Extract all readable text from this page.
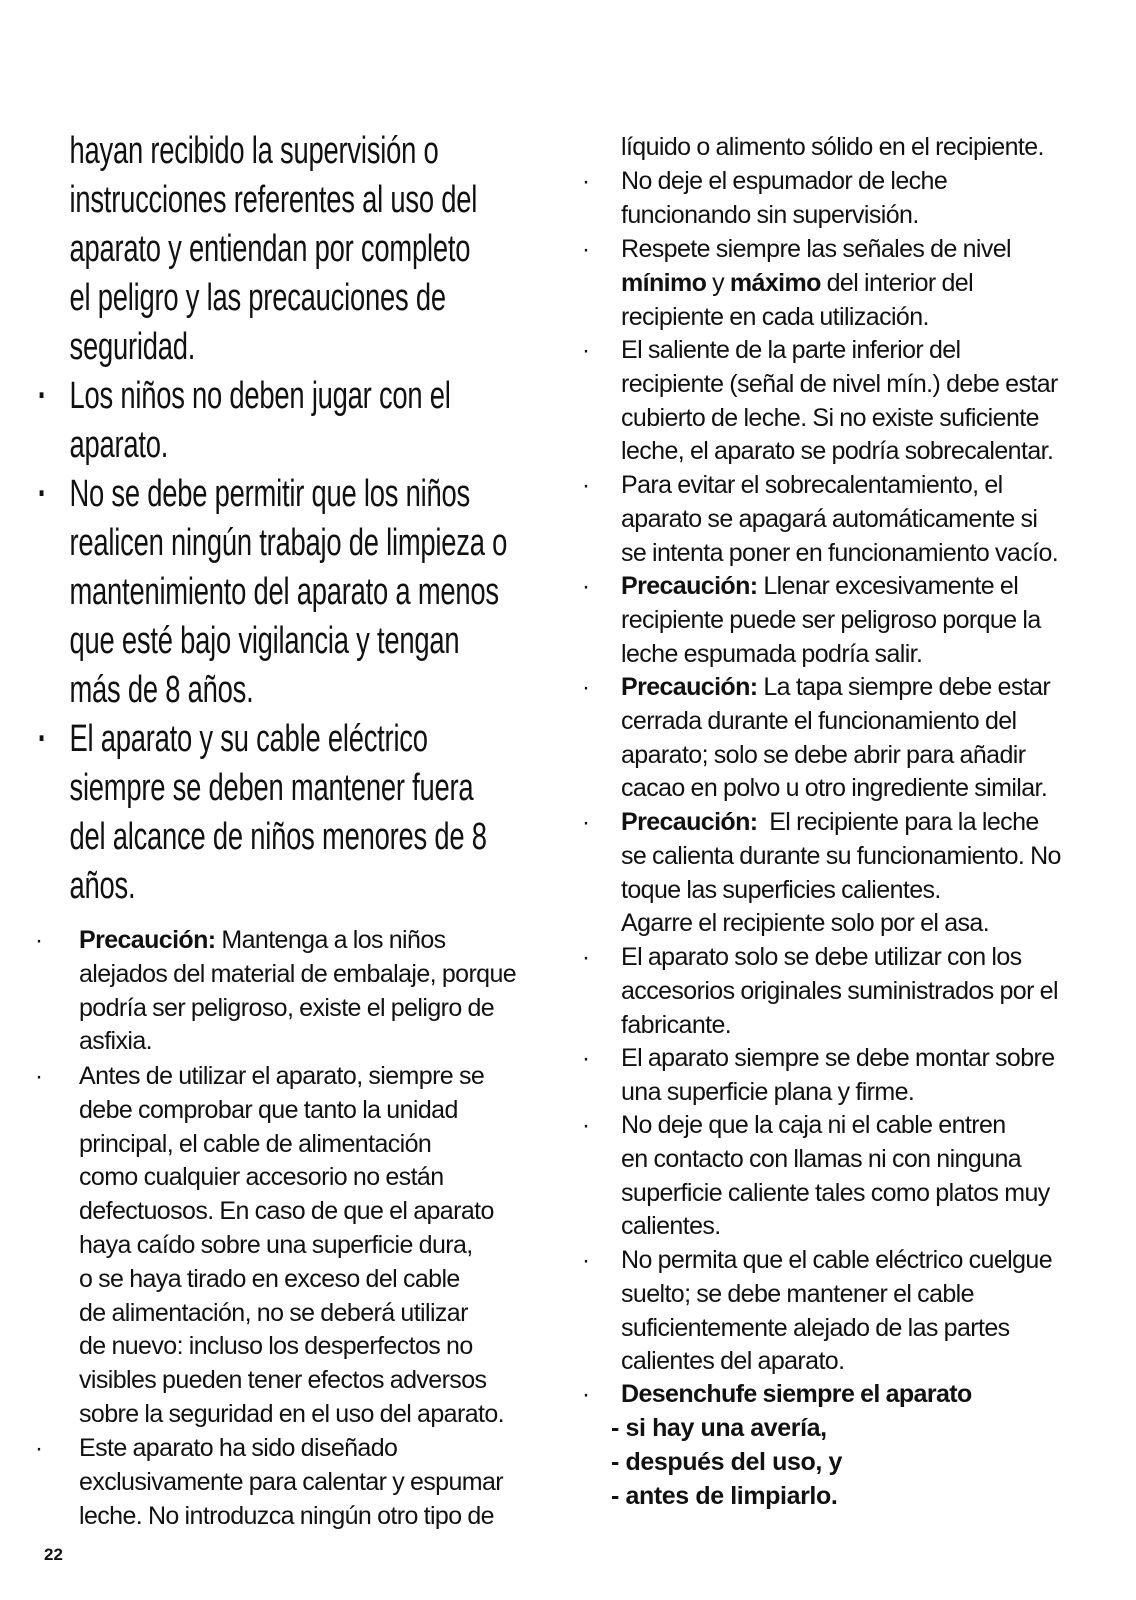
hayan recibido la supervisión o
instrucciones referentes al uso del
aparato y entiendan por completo
el peligro y las precauciones de
seguridad.
· Los niños no deben jugar con el
aparato.
· No se debe permitir que los niños
realicen ningún trabajo de limpieza o
mantenimiento del aparato a menos
que esté bajo vigilancia y tengan
más de 8 años.
· El aparato y su cable eléctrico
siempre se deben mantener fuera
del alcance de niños menores de 8
años.
· Precaución: Mantenga a los niños
alejados del material de embalaje, porque
podría ser peligroso, existe el peligro de
asfixia.
· Antes de utilizar el aparato, siempre se
debe comprobar que tanto la unidad
principal, el cable de alimentación
como cualquier accesorio no están
defectuosos. En caso de que el aparato
haya caído sobre una superficie dura,
o se haya tirado en exceso del cable
de alimentación, no se deberá utilizar
de nuevo: incluso los desperfectos no
visibles pueden tener efectos adversos
sobre la seguridad en el uso del aparato.
· Este aparato ha sido diseñado
exclusivamente para calentar y espumar
leche. No introduzca ningún otro tipo de
líquido o alimento sólido en el recipiente.
· No deje el espumador de leche
funcionando sin supervisión.
· Respete siempre las señales de nivel
mínimo y máximo del interior del
recipiente en cada utilización.
· El saliente de la parte inferior del
recipiente (señal de nivel mín.) debe estar
cubierto de leche. Si no existe suficiente
leche, el aparato se podría sobrecalentar.
· Para evitar el sobrecalentamiento, el
aparato se apagará automáticamente si
se intenta poner en funcionamiento vacío.
· Precaución: Llenar excesivamente el
recipiente puede ser peligroso porque la
leche espumada podría salir.
· Precaución: La tapa siempre debe estar
cerrada durante el funcionamiento del
aparato; solo se debe abrir para añadir
cacao en polvo u otro ingrediente similar.
· Precaución:  El recipiente para la leche
se calienta durante su funcionamiento. No
toque las superficies calientes.
Agarre el recipiente solo por el asa.
· El aparato solo se debe utilizar con los
accesorios originales suministrados por el
fabricante.
· El aparato siempre se debe montar sobre
una superficie plana y firme.
· No deje que la caja ni el cable entren
en contacto con llamas ni con ninguna
superficie caliente tales como platos muy
calientes.
· No permita que el cable eléctrico cuelgue
suelto; se debe mantener el cable
suficientemente alejado de las partes
calientes del aparato.
· Desenchufe siempre el aparato
- si hay una avería,
- después del uso, y
- antes de limpiarlo.
22
